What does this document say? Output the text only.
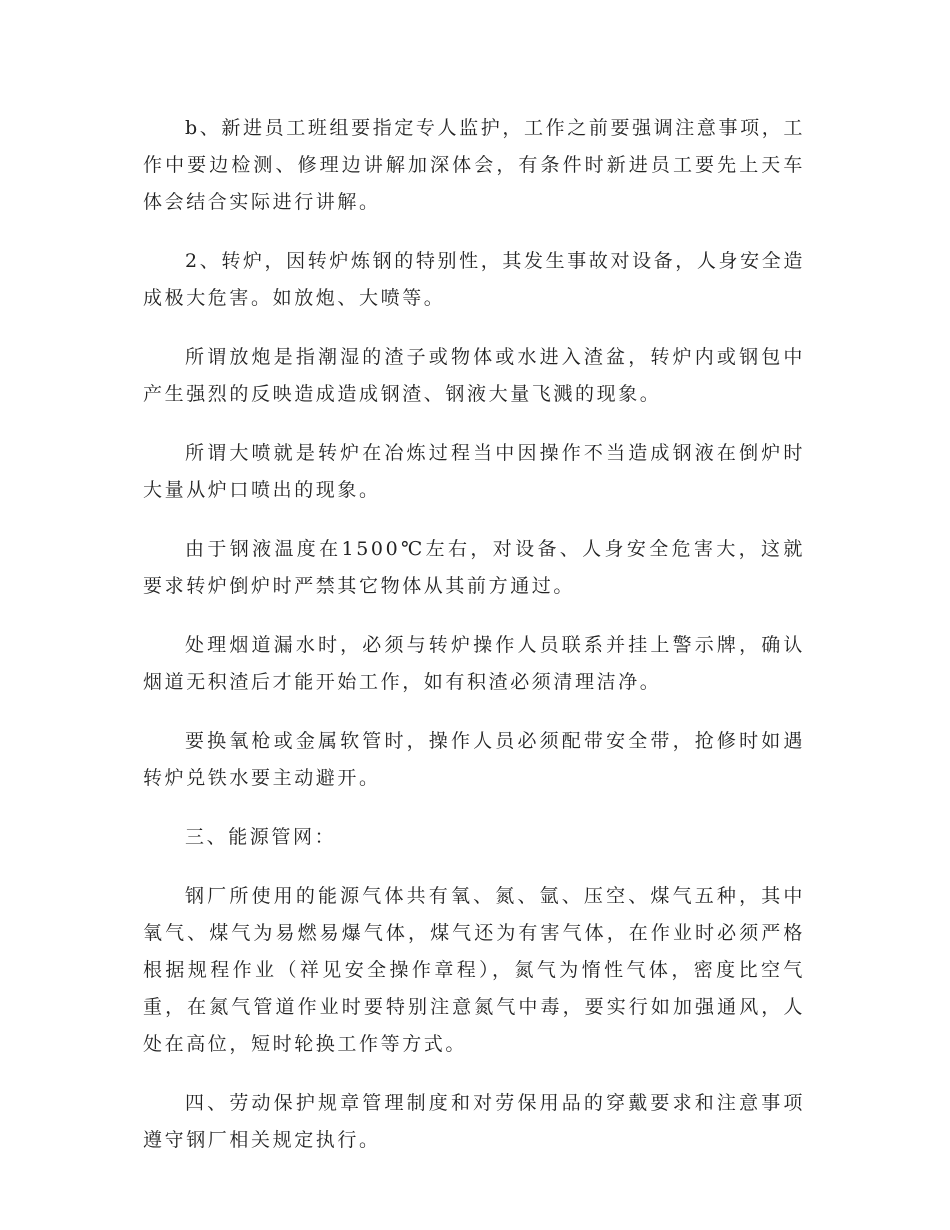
b、新进员工班组要指定专人监护，工作之前要强调注意事项，工作中要边检测、修理边讲解加深体会，有条件时新进员工要先上天车体会结合实际进行讲解。

2、转炉，因转炉炼钢的特别性，其发生事故对设备，人身安全造成极大危害。如放炮、大喷等。

所谓放炮是指潮湿的渣子或物体或水进入渣盆，转炉内或钢包中产生强烈的反映造成造成钢渣、钢液大量飞溅的现象。

所谓大喷就是转炉在冶炼过程当中因操作不当造成钢液在倒炉时大量从炉口喷出的现象。

由于钢液温度在1500℃左右，对设备、人身安全危害大，这就要求转炉倒炉时严禁其它物体从其前方通过。

处理烟道漏水时，必须与转炉操作人员联系并挂上警示牌，确认烟道无积渣后才能开始工作，如有积渣必须清理洁净。

要换氧枪或金属软管时，操作人员必须配带安全带，抢修时如遇转炉兑铁水要主动避开。

三、能源管网：

钢厂所使用的能源气体共有氧、氮、氩、压空、煤气五种，其中氧气、煤气为易燃易爆气体，煤气还为有害气体，在作业时必须严格根据规程作业（祥见安全操作章程），氮气为惰性气体，密度比空气重，在氮气管道作业时要特别注意氮气中毒，要实行如加强通风，人处在高位，短时轮换工作等方式。

四、劳动保护规章管理制度和对劳保用品的穿戴要求和注意事项遵守钢厂相关规定执行。
